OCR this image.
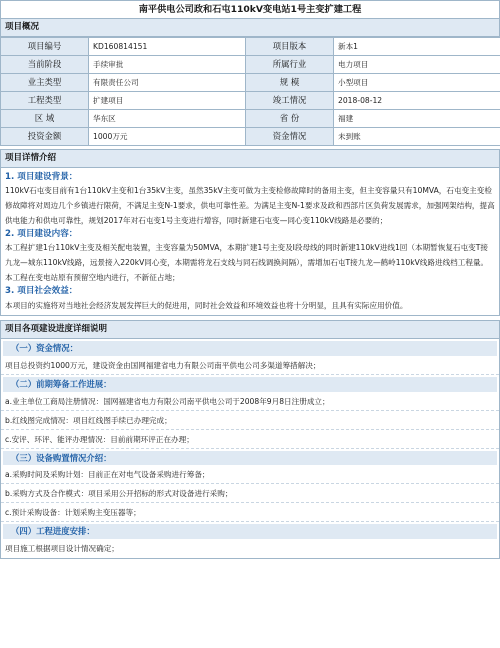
南平供电公司政和石屯110kV变电站1号主变扩建工程
项目概况
项目编号	KD160814151	项目版本	新本1
当前阶段	手续审批	所属行业	电力项目
业主类型	有限责任公司	规 模	小型项目
工程类型	扩建项目	竣工情况	2018-08-12
区 域	华东区	省 份	福建
投资金额	1000万元	资金情况	未到账
项目详情介绍
1. 项目建设背景：
110kV石屯变目前有1台110kV主变和1台35kV主变，虽然35kV主变可做为主变检修故障时的备用主变，但主变容量只有10MVA，石屯变主变检修故障将对周边几个乡镇进行限荷，不满足主变N-1要求，供电可靠性差。为满足主变N-1要求及政和西部片区负荷发展需求，加强网架结构，提高供电能力和供电可靠性，规划2017年对石屯变1号主变进行增容，同时新建石屯变—同心变110kV线路是必要的；
2. 项目建设内容：
本工程扩建1台110kV主变及相关配电装置，主变容量为50MVA，本期扩建1号主变及I段母线的同时新建110kV进线1回（本期暂恢复石屯变T接九龙—城东110kV线路，远景接入220kV同心变，本期需将龙石支线与同石线调换间隔），需增加石屯T接九龙—鹤岭110kV线路进线档工程量。本工程在变电站原有预留空地内进行，不新征占地；
3. 项目社会效益：
本项目的实施将对当地社会经济发展发挥巨大的促进用，同时社会效益和环境效益也将十分明显，且具有实际应用价值。
项目各项建设进度详细说明
（一）资金情况：
项目总投资约1000万元，建设资金由国网福建省电力有限公司南平供电公司多渠道筹措解决；
（二）前期筹备工作进展：
a.业主单位工商局注册情况：国网福建省电力有限公司南平供电公司于2008年9月8日注册成立；
b.红线图完成情况：项目红线图手续已办理完成；
c.安评、环评、能评办理情况：目前前期环评正在办理；
（三）设备购置情况介绍：
a.采购时间及采购计划：目前正在对电气设备采购进行筹备；
b.采购方式及合作模式：项目采用公开招标的形式对设备进行采购；
c.预计采购设备：计划采购主变压器等；
（四）工程进度安排：
项目施工根据项目设计情况确定；
